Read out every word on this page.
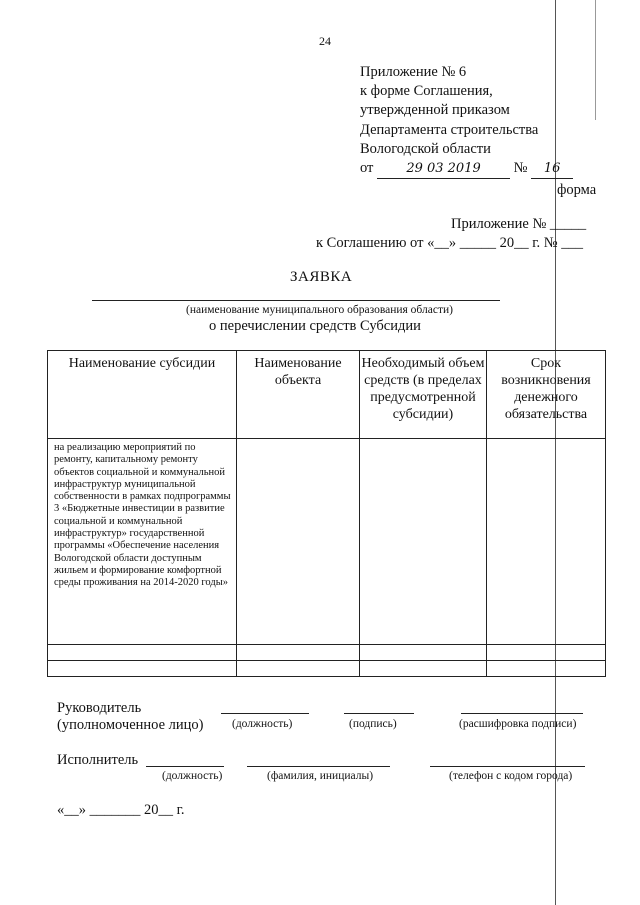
24
Приложение № 6
к форме Соглашения,
утвержденной приказом
Департамента строительства
Вологодской области
от	29 03 2019 № 16
форма
Приложение № _____
к Соглашению от «__» _____ 20__ г. № ___
ЗАЯВКА
(наименование муниципального образования области)
о перечислении средств Субсидии
Наименование субсидии	Наименование объекта	Необходимый объем средств (в пределах предусмотренной субсидии)	Срок возникновения денежного обязательства
на реализацию мероприятий по ремонту, капитальному ремонту объектов социальной и коммунальной инфраструктур муниципальной собственности в рамках подпрограммы 3 «Бюджетные инвестиции в развитие социальной и коммунальной инфраструктур» государственной программы «Обеспечение населения Вологодской области доступным жильем и формирование комфортной среды проживания на 2014-2020 годы»			

Руководитель
(уполномоченное лицо) (должность)	(подпись)	(расшифровка подписи)
Исполнитель
(должность)	(фамилия, инициалы)	(телефон с кодом города)
«__» _______ 20__ г.
